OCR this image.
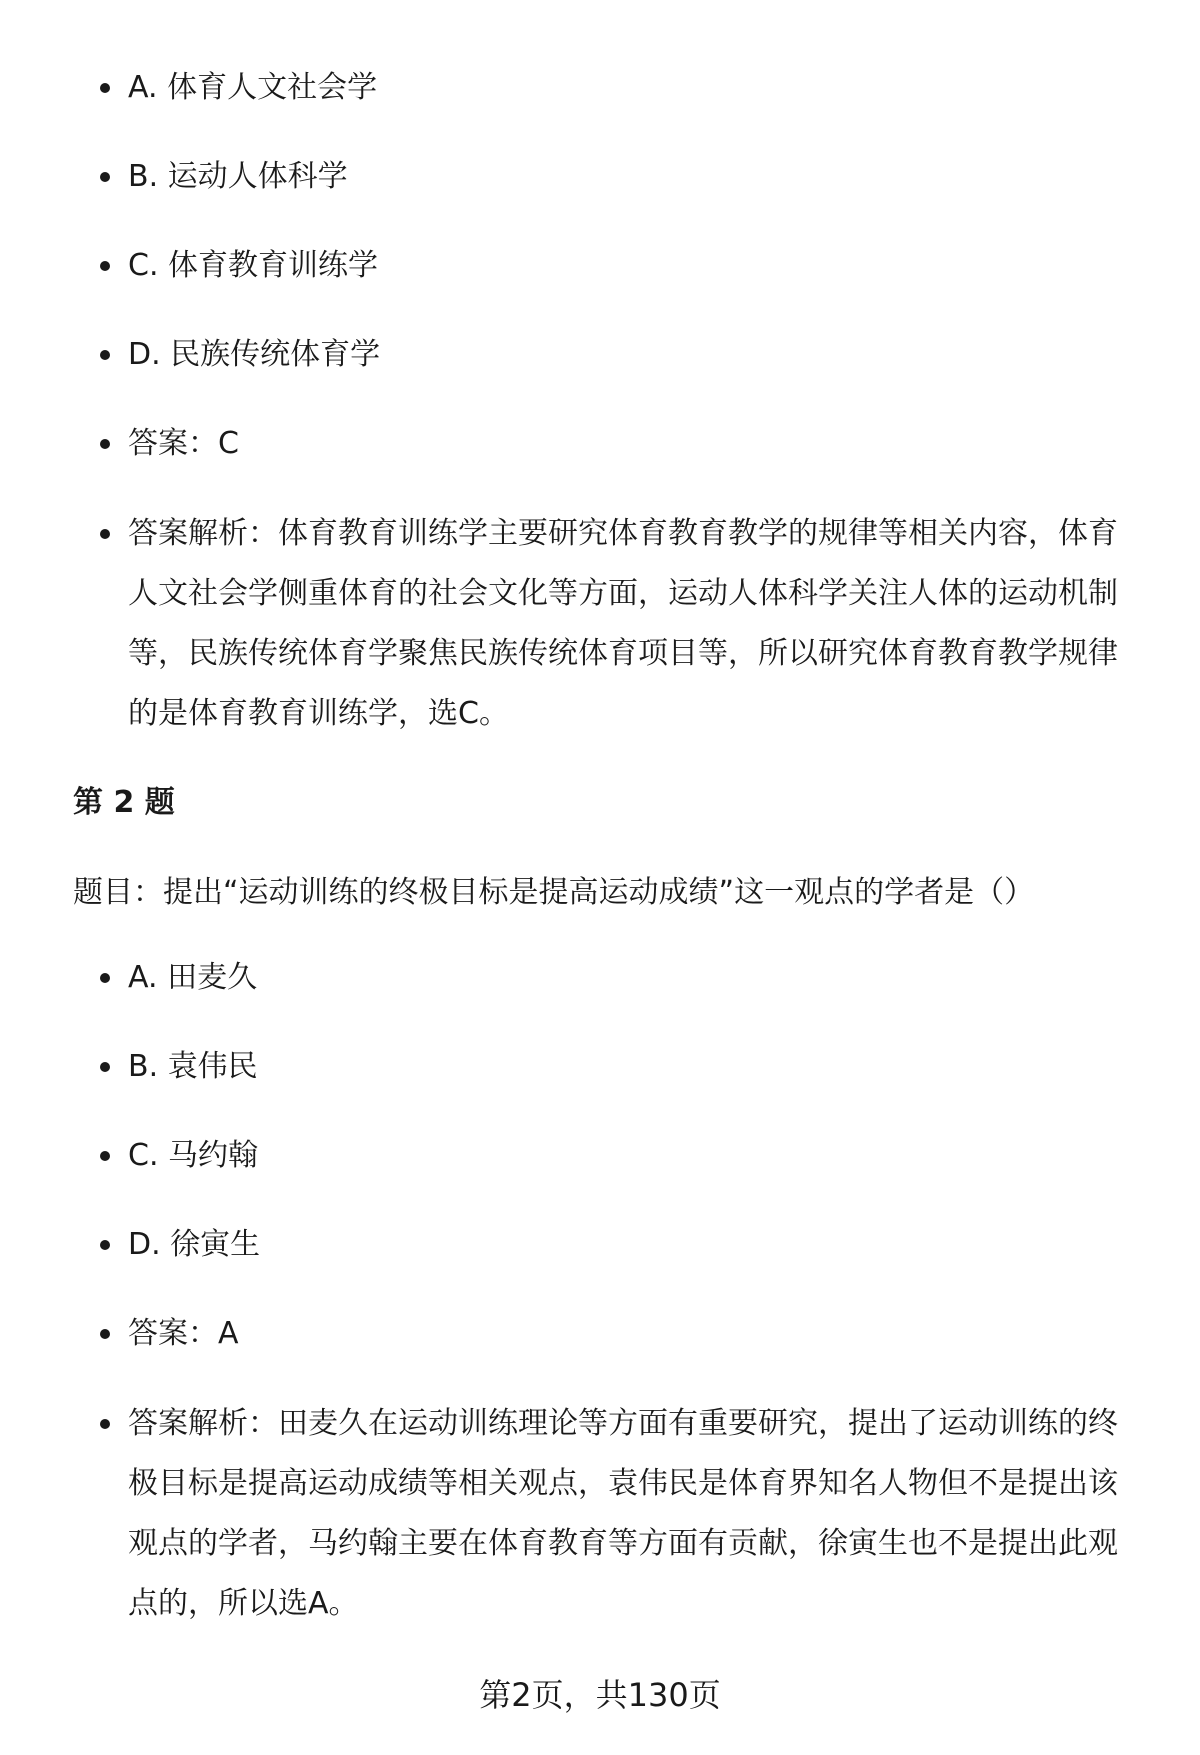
A. 体育人文社会学
B. 运动人体科学
C. 体育教育训练学
D. 民族传统体育学
答案：C
答案解析：体育教育训练学主要研究体育教育教学的规律等相关内容，体育人文社会学侧重体育的社会文化等方面，运动人体科学关注人体的运动机制等，民族传统体育学聚焦民族传统体育项目等，所以研究体育教育教学规律的是体育教育训练学，选C。
第 2 题
题目：提出“运动训练的终极目标是提高运动成绩”这一观点的学者是（）
A. 田麦久
B. 袁伟民
C. 马约翰
D. 徐寅生
答案：A
答案解析：田麦久在运动训练理论等方面有重要研究，提出了运动训练的终极目标是提高运动成绩等相关观点，袁伟民是体育界知名人物但不是提出该观点的学者，马约翰主要在体育教育等方面有贡献，徐寅生也不是提出此观点的，所以选A。
第2页，共130页
